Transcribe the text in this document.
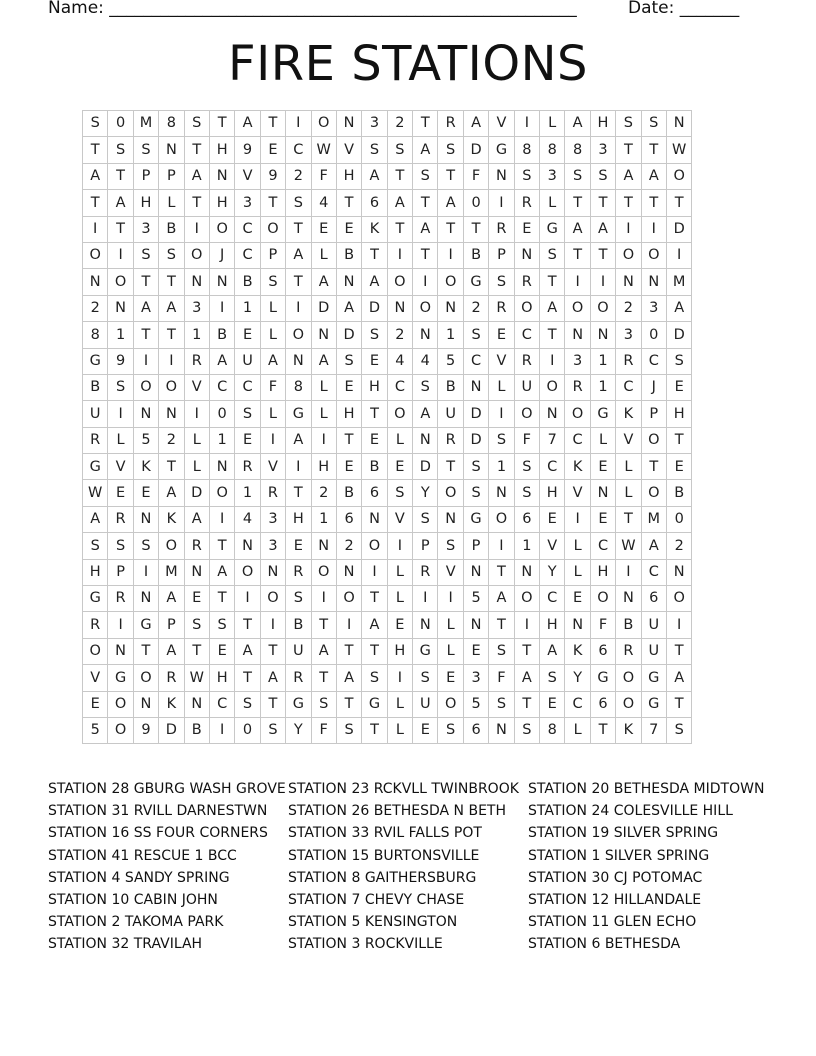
Name: _______________________________________________________

	Date: _______

FIRE STATIONS
S	0	M	8	S	T	A	T	I	O	N	3	2	T	R	A	V	I	L	A	H	S	S	N
T	S	S	N	T	H	9	E	C	W	V	S	S	A	S	D	G	8	8	8	3	T	T	W
A	T	P	P	A	N	V	9	2	F	H	A	T	S	T	F	N	S	3	S	S	A	A	O
T	A	H	L	T	H	3	T	S	4	T	6	A	T	A	0	I	R	L	T	T	T	T	T
I	T	3	B	I	O	C	O	T	E	E	K	T	A	T	T	R	E	G	A	A	I	I	D
O	I	S	S	O	J	C	P	A	L	B	T	I	T	I	B	P	N	S	T	T	O	O	I
N	O	T	T	N	N	B	S	T	A	N	A	O	I	O	G	S	R	T	I	I	N	N	M
2	N	A	A	3	I	1	L	I	D	A	D	N	O	N	2	R	O	A	O	O	2	3	A
8	1	T	T	1	B	E	L	O	N	D	S	2	N	1	S	E	C	T	N	N	3	0	D
G	9	I	I	R	A	U	A	N	A	S	E	4	4	5	C	V	R	I	3	1	R	C	S
B	S	O	O	V	C	C	F	8	L	E	H	C	S	B	N	L	U	O	R	1	C	J	E
U	I	N	N	I	0	S	L	G	L	H	T	O	A	U	D	I	O	N	O	G	K	P	H
R	L	5	2	L	1	E	I	A	I	T	E	L	N	R	D	S	F	7	C	L	V	O	T
G	V	K	T	L	N	R	V	I	H	E	B	E	D	T	S	1	S	C	K	E	L	T	E
W	E	E	A	D	O	1	R	T	2	B	6	S	Y	O	S	N	S	H	V	N	L	O	B
A	R	N	K	A	I	4	3	H	1	6	N	V	S	N	G	O	6	E	I	E	T	M	0
S	S	S	O	R	T	N	3	E	N	2	O	I	P	S	P	I	1	V	L	C	W	A	2
H	P	I	M	N	A	O	N	R	O	N	I	L	R	V	N	T	N	Y	L	H	I	C	N
G	R	N	A	E	T	I	O	S	I	O	T	L	I	I	5	A	O	C	E	O	N	6	O
R	I	G	P	S	S	T	I	B	T	I	A	E	N	L	N	T	I	H	N	F	B	U	I
O	N	T	A	T	E	A	T	U	A	T	T	H	G	L	E	S	T	A	K	6	R	U	T
V	G	O	R	W	H	T	A	R	T	A	S	I	S	E	3	F	A	S	Y	G	O	G	A
E	O	N	K	N	C	S	T	G	S	T	G	L	U	O	5	S	T	E	C	6	O	G	T
5	O	9	D	B	I	0	S	Y	F	S	T	L	E	S	6	N	S	8	L	T	K	7	S
STATION 28 GBURG WASH GROVE
STATION 31 RVILL DARNESTWN
STATION 16 SS FOUR CORNERS
STATION 41 RESCUE 1 BCC
STATION 4 SANDY SPRING
STATION 10 CABIN JOHN
STATION 2 TAKOMA PARK
STATION 32 TRAVILAH
STATION 23 RCKVLL TWINBROOK
STATION 26 BETHESDA N BETH
STATION 33 RVIL FALLS POT
STATION 15 BURTONSVILLE
STATION 8 GAITHERSBURG
STATION 7 CHEVY CHASE
STATION 5 KENSINGTON
STATION 3 ROCKVILLE
STATION 20 BETHESDA MIDTOWN
STATION 24 COLESVILLE HILL
STATION 19 SILVER SPRING
STATION 1 SILVER SPRING
STATION 30 CJ POTOMAC
STATION 12 HILLANDALE
STATION 11 GLEN ECHO
STATION 6 BETHESDA
